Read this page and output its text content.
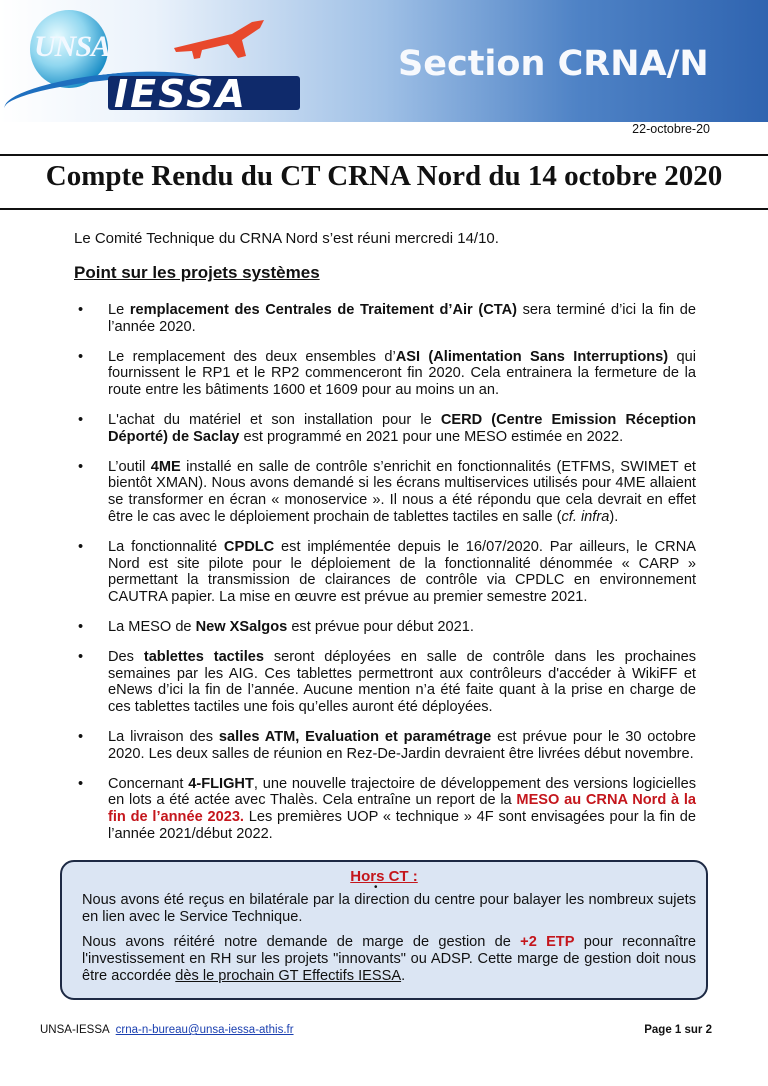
UNSA
IESSA
Section CRNA/N
22-octobre-20
Compte Rendu du CT CRNA Nord du 14 octobre 2020
Le Comité Technique du CRNA Nord s’est réuni mercredi 14/10.
Point sur les projets systèmes
• Le remplacement des Centrales de Traitement d’Air (CTA) sera terminé d’ici la fin de l’année 2020.
• Le remplacement des deux ensembles d’ASI (Alimentation Sans Interruptions) qui fournissent le RP1 et le RP2 commenceront fin 2020. Cela entrainera la fermeture de la route entre les bâtiments 1600 et 1609 pour au moins un an.
• L'achat du matériel et son installation pour le CERD (Centre Emission Réception Déporté) de Saclay est programmé en 2021 pour une MESO estimée en 2022.
• L’outil 4ME installé en salle de contrôle s’enrichit en fonctionnalités (ETFMS, SWIMET et bientôt XMAN). Nous avons demandé si les écrans multiservices utilisés pour 4ME allaient se transformer en écran « monoservice ». Il nous a été répondu que cela devrait en effet être le cas avec le déploiement prochain de tablettes tactiles en salle (cf. infra).
• La fonctionnalité CPDLC est implémentée depuis le 16/07/2020. Par ailleurs, le CRNA Nord est site pilote pour le déploiement de la fonctionnalité dénommée « CARP » permettant la transmission de clairances de contrôle via CPDLC en environnement CAUTRA papier. La mise en œuvre est prévue au premier semestre 2021.
• La MESO de New XSalgos est prévue pour début 2021.
• Des tablettes tactiles seront déployées en salle de contrôle dans les prochaines semaines par les AIG. Ces tablettes permettront aux contrôleurs d'accéder à WikiFF et eNews d’ici la fin de l’année. Aucune mention n’a été faite quant à la prise en charge de ces tablettes tactiles une fois qu’elles auront été déployées.
• La livraison des salles ATM, Evaluation et paramétrage est prévue pour le 30 octobre 2020. Les deux salles de réunion en Rez-De-Jardin devraient être livrées début novembre.
• Concernant 4-FLIGHT, une nouvelle trajectoire de développement des versions logicielles en lots a été actée avec Thalès. Cela entraîne un report de la MESO au CRNA Nord à la fin de l’année 2023. Les premières UOP « technique » 4F sont envisagées pour la fin de l’année 2021/début 2022.
Hors CT :
•
Nous avons été reçus en bilatérale par la direction du centre pour balayer les nombreux sujets en lien avec le Service Technique.
Nous avons réitéré notre demande de marge de gestion de +2 ETP pour reconnaître l'investissement en RH sur les projets "innovants" ou ADSP. Cette marge de gestion doit nous être accordée dès le prochain GT Effectifs IESSA.
UNSA-IESSA crna-n-bureau@unsa-iessa-athis.fr	Page 1 sur 2
